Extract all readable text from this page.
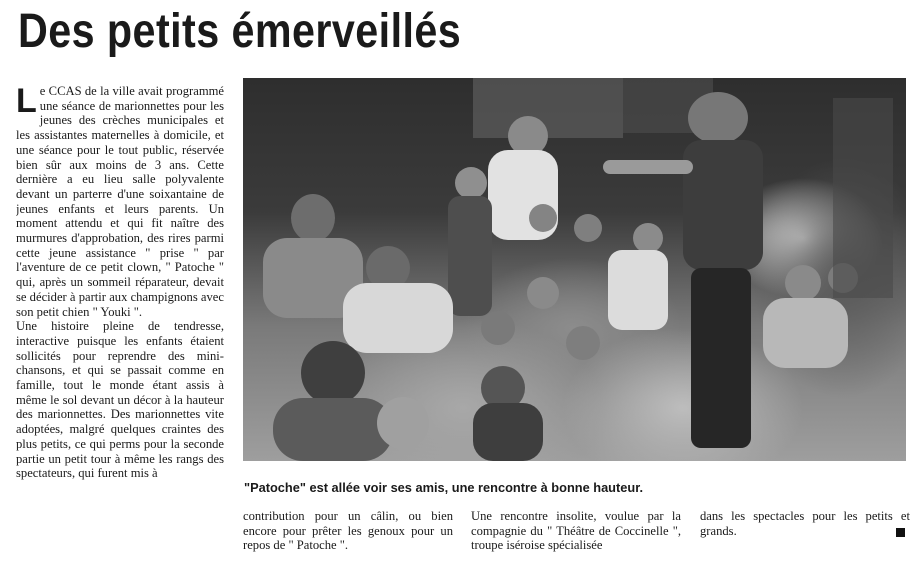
Des petits émerveillés

Le CCAS de la ville avait programmé une séance de marionnettes pour les jeunes des crèches municipales et les assistantes maternelles à domicile, et une séance pour le tout public, réservée bien sûr aux moins de 3 ans. Cette dernière a eu lieu salle polyvalente devant un parterre d'une soixantaine de jeunes enfants et leurs parents. Un moment attendu et qui fit naître des murmures d'approbation, des rires parmi cette jeune assistance " prise " par l'aventure de ce petit clown, " Patoche " qui, après un sommeil réparateur, devait se décider à partir aux champignons avec son petit chien " Youki ".

Une histoire pleine de tendresse, interactive puisque les enfants étaient sollicités pour reprendre des mini-chansons, et qui se passait comme en famille, tout le monde étant assis à même le sol devant un décor à la hauteur des marionnettes. Des marionnettes vite adoptées, malgré quelques craintes des plus petits, ce qui perms pour la seconde partie un petit tour à même les rangs des spectateurs, qui furent mis à

"Patoche" est allée voir ses amis, une rencontre à bonne hauteur.

contribution pour un câlin, ou bien encore pour prêter les genoux pour un repos de " Patoche ".

Une rencontre insolite, voulue par la compagnie du " Théâtre de Coccinelle ", troupe iséroise spécialisée

dans les spectacles pour les petits et grands.
